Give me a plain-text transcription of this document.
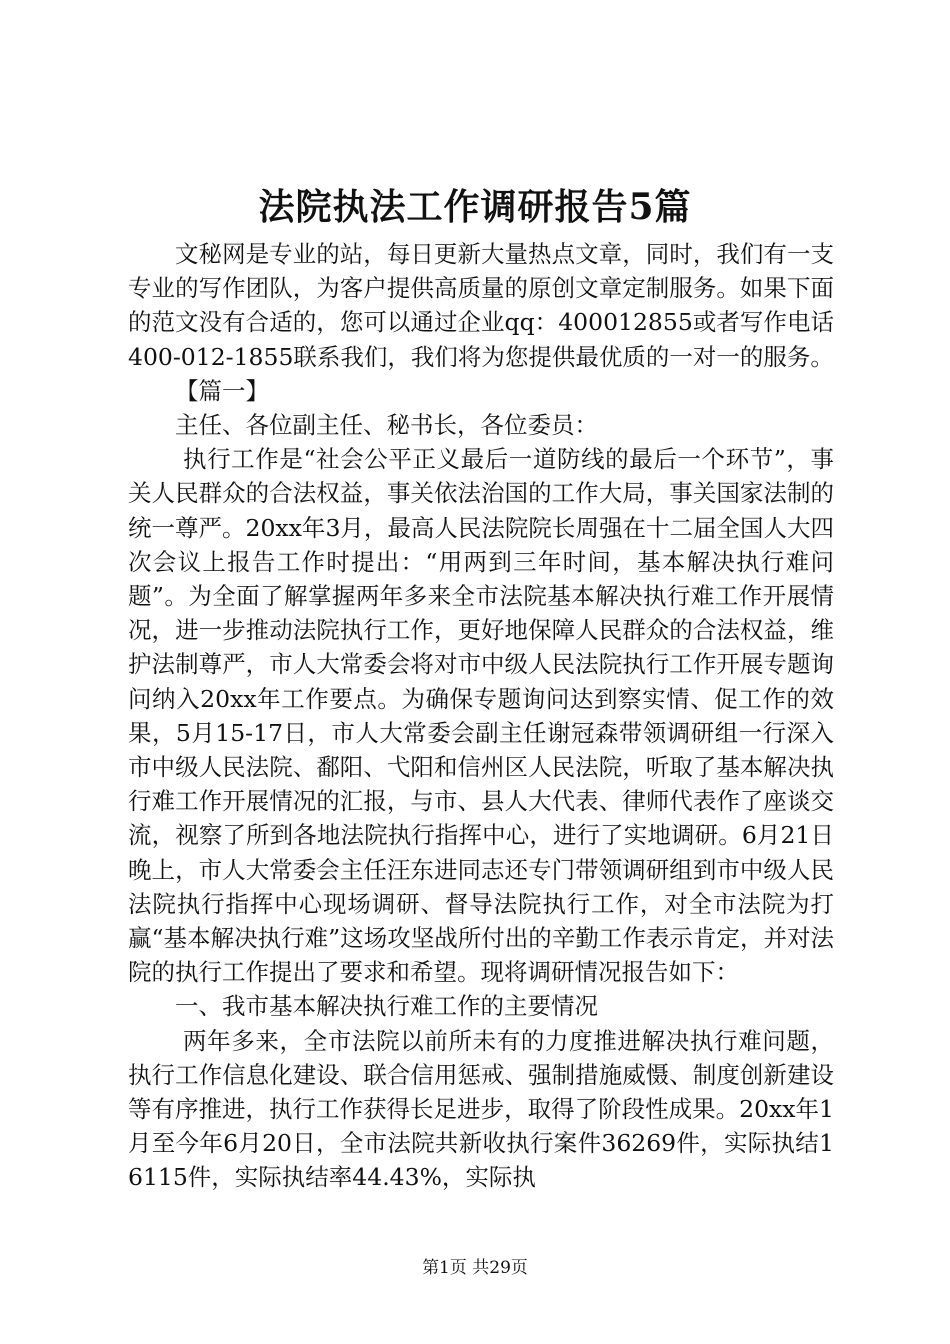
法院执法工作调研报告5篇

文秘网是专业的站，每日更新大量热点文章，同时，我们有一支专业的写作团队，为客户提供高质量的原创文章定制服务。如果下面的范文没有合适的，您可以通过企业qq：400012855或者写作电话400-012-1855联系我们，我们将为您提供最优质的一对一的服务。

【篇一】

主任、各位副主任、秘书长，各位委员：

执行工作是“社会公平正义最后一道防线的最后一个环节”，事关人民群众的合法权益，事关依法治国的工作大局，事关国家法制的统一尊严。20xx年3月，最高人民法院院长周强在十二届全国人大四次会议上报告工作时提出：“用两到三年时间，基本解决执行难问题”。为全面了解掌握两年多来全市法院基本解决执行难工作开展情况，进一步推动法院执行工作，更好地保障人民群众的合法权益，维护法制尊严，市人大常委会将对市中级人民法院执行工作开展专题询问纳入20xx年工作要点。为确保专题询问达到察实情、促工作的效果，5月15-17日，市人大常委会副主任谢冠森带领调研组一行深入市中级人民法院、鄱阳、弋阳和信州区人民法院，听取了基本解决执行难工作开展情况的汇报，与市、县人大代表、律师代表作了座谈交流，视察了所到各地法院执行指挥中心，进行了实地调研。6月21日晚上，市人大常委会主任汪东进同志还专门带领调研组到市中级人民法院执行指挥中心现场调研、督导法院执行工作，对全市法院为打赢“基本解决执行难”这场攻坚战所付出的辛勤工作表示肯定，并对法院的执行工作提出了要求和希望。现将调研情况报告如下：

一、我市基本解决执行难工作的主要情况

两年多来，全市法院以前所未有的力度推进解决执行难问题，执行工作信息化建设、联合信用惩戒、强制措施威慑、制度创新建设等有序推进，执行工作获得长足进步，取得了阶段性成果。20xx年1月至今年6月20日，全市法院共新收执行案件36269件，实际执结16115件，实际执结率44.43%，实际执

第1页 共29页
